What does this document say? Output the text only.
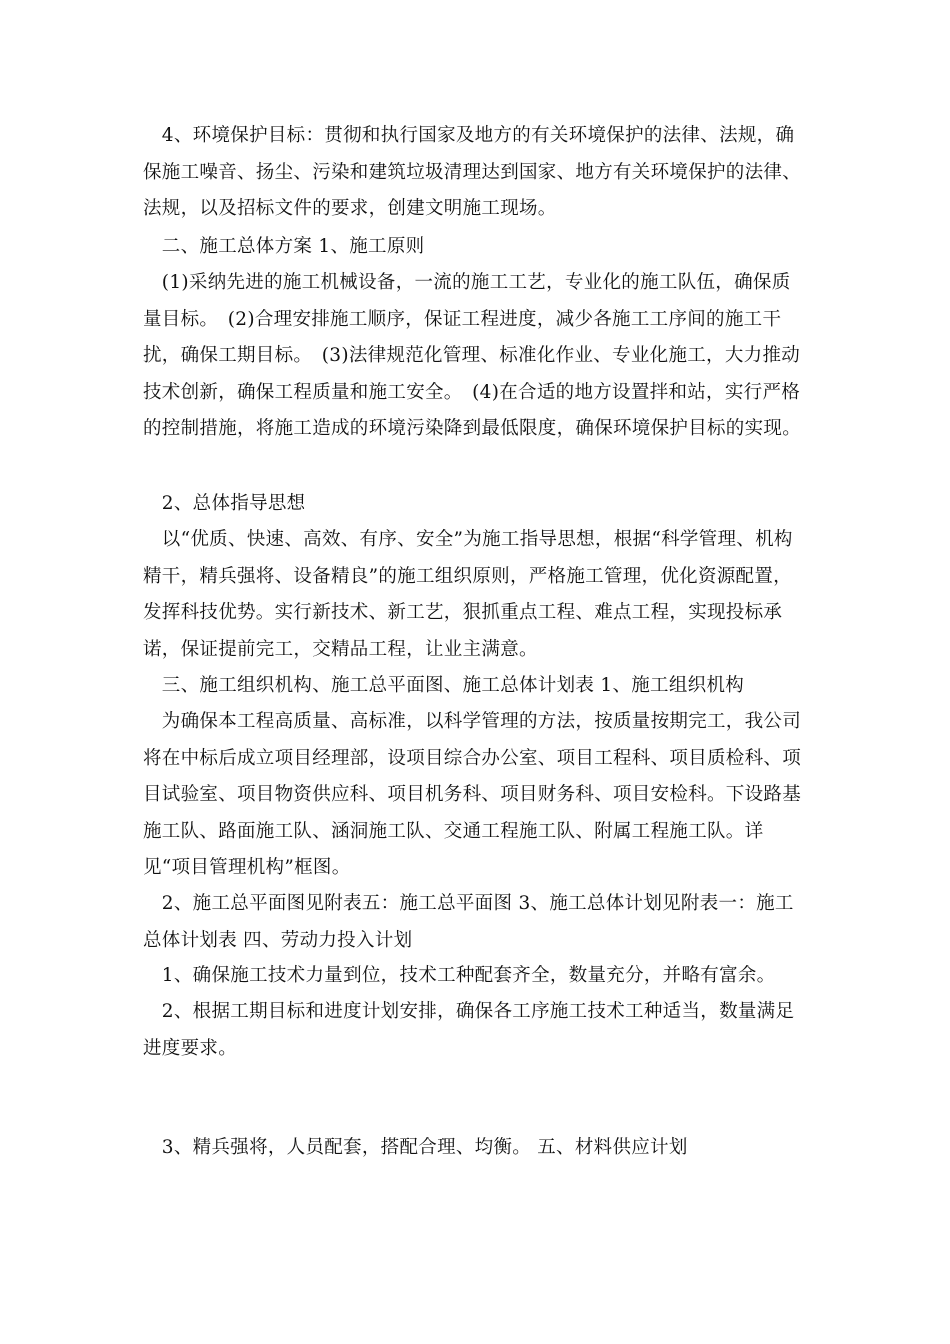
　4、环境保护目标：贯彻和执行国家及地方的有关环境保护的法律、法规，确保施工噪音、扬尘、污染和建筑垃圾清理达到国家、地方有关环境保护的法律、法规，以及招标文件的要求，创建文明施工现场。

　二、施工总体方案 1、施工原则

　(1)采纳先进的施工机械设备，一流的施工工艺，专业化的施工队伍，确保质量目标。　(2)合理安排施工顺序，保证工程进度，减少各施工工序间的施工干扰，确保工期目标。　(3)法律规范化管理、标准化作业、专业化施工，大力推动技术创新，确保工程质量和施工安全。　(4)在合适的地方设置拌和站，实行严格的控制措施，将施工造成的环境污染降到最低限度，确保环境保护目标的实现。

　2、总体指导思想

　以“优质、快速、高效、有序、安全”为施工指导思想，根据“科学管理、机构精干，精兵强将、设备精良”的施工组织原则，严格施工管理，优化资源配置，发挥科技优势。实行新技术、新工艺，狠抓重点工程、难点工程，实现投标承诺，保证提前完工，交精品工程，让业主满意。

　三、施工组织机构、施工总平面图、施工总体计划表 1、施工组织机构

　为确保本工程高质量、高标准，以科学管理的方法，按质量按期完工，我公司将在中标后成立项目经理部，设项目综合办公室、项目工程科、项目质检科、项目试验室、项目物资供应科、项目机务科、项目财务科、项目安检科。下设路基施工队、路面施工队、涵洞施工队、交通工程施工队、附属工程施工队。详见“项目管理机构”框图。

　2、施工总平面图见附表五：施工总平面图 3、施工总体计划见附表一：施工总体计划表 四、劳动力投入计划

　1、确保施工技术力量到位，技术工种配套齐全，数量充分，并略有富余。

　2、根据工期目标和进度计划安排，确保各工序施工技术工种适当，数量满足进度要求。

　3、精兵强将，人员配套，搭配合理、均衡。 五、材料供应计划
